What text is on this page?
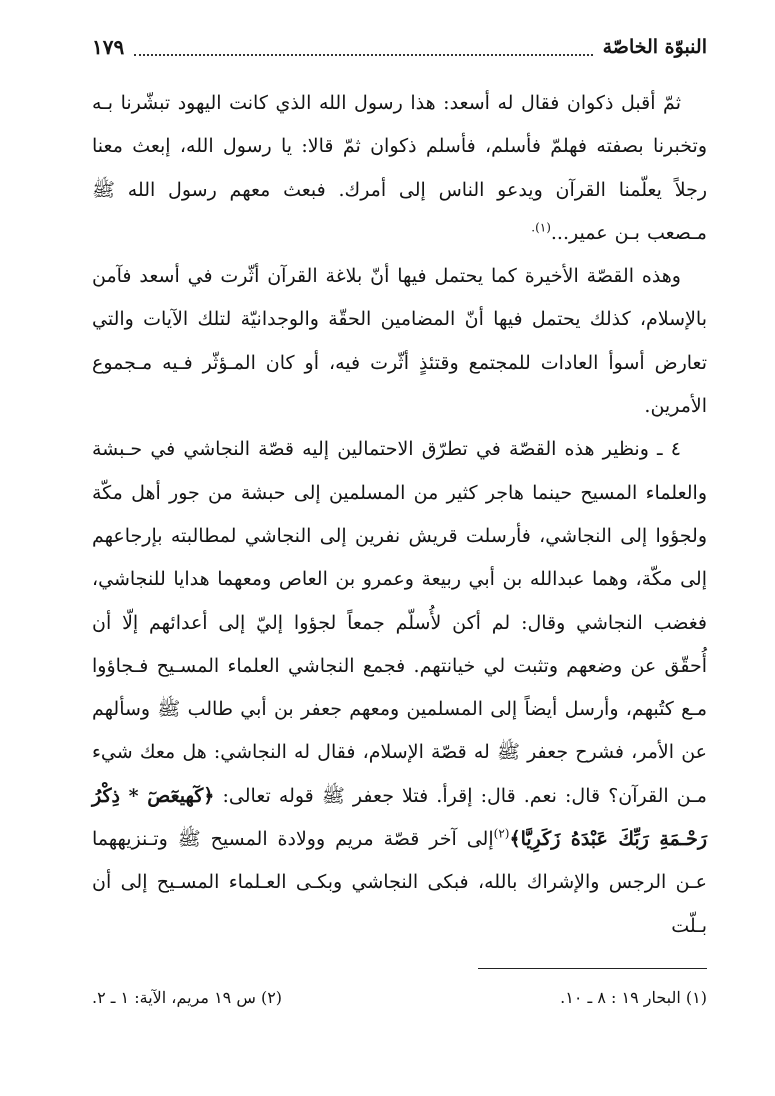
النبوّة الخاصّة
١٧٩

ثمّ أقبل ذكوان فقال له أسعد: هذا رسول الله الذي كانت اليهود تبشّرنا بـه وتخبرنا بصفته فهلمّ فأسلم، فأسلم ذكوان ثمّ قالا: يا رسول الله، إبعث معنا رجلاً يعلّمنا القرآن ويدعو الناس إلى أمرك. فبعث معهم رسول الله ﷺ مـصعب بـن عمير...$^{(١).}$

وهذه القصّة الأخيرة كما يحتمل فيها أنّ بلاغة القرآن أثّرت في أسعد فآمن بالإسلام، كذلك يحتمل فيها أنّ المضامين الحقّة والوجدانيّة لتلك الآيات والتي تعارض أسوأ العادات للمجتمع وقتئذٍ أثّرت فيه، أو كان المـؤثّر فـيه مـجموع الأمرين.

٤ ـ ونظير هذه القصّة في تطرّق الاحتمالين إليه قصّة النجاشي في حـبشة والعلماء المسيح حينما هاجر كثير من المسلمين إلى حبشة من جور أهل مكّة ولجؤوا إلى النجاشي، فأرسلت قريش نفرين إلى النجاشي لمطالبته بإرجاعهم إلى مكّة، وهما عبدالله بن أبي ربيعة وعمرو بن العاص ومعهما هدايا للنجاشي، فغضب النجاشي وقال: لم أكن لأُسلّم جمعاً لجؤوا إليّ إلى أعدائهم إلّا أن أُحقّق عن وضعهم وتثبت لي خيانتهم. فجمع النجاشي العلماء المسـيح فـجاؤوا مـع كتُبهم، وأرسل أيضاً إلى المسلمين ومعهم جعفر بن أبي طالب ﷺ وسألهم عن الأمر، فشرح جعفر ﷺ له قصّة الإسلام، فقال له النجاشي: هل معك شيء مـن القرآن؟ قال: نعم. قال: إقرأ. فتلا جعفر ﷺ قوله تعالى: ﴿كٓهيعٓصٓ * ذِكْرُ رَحْـمَةِ رَبِّكَ عَبْدَهُ زَكَرِيَّا﴾$^{(٢)}$إلى آخر قصّة مريم وولادة المسيح ﷺ وتـنزيههما عـن الرجس والإشراك بالله، فبكى النجاشي وبكـى العـلماء المسـيح إلى أن بـلّت

(١) البحار ١٩ : ٨ ـ ١٠.
(٢) س ١٩ مريم، الآية: ١ ـ ٢.
